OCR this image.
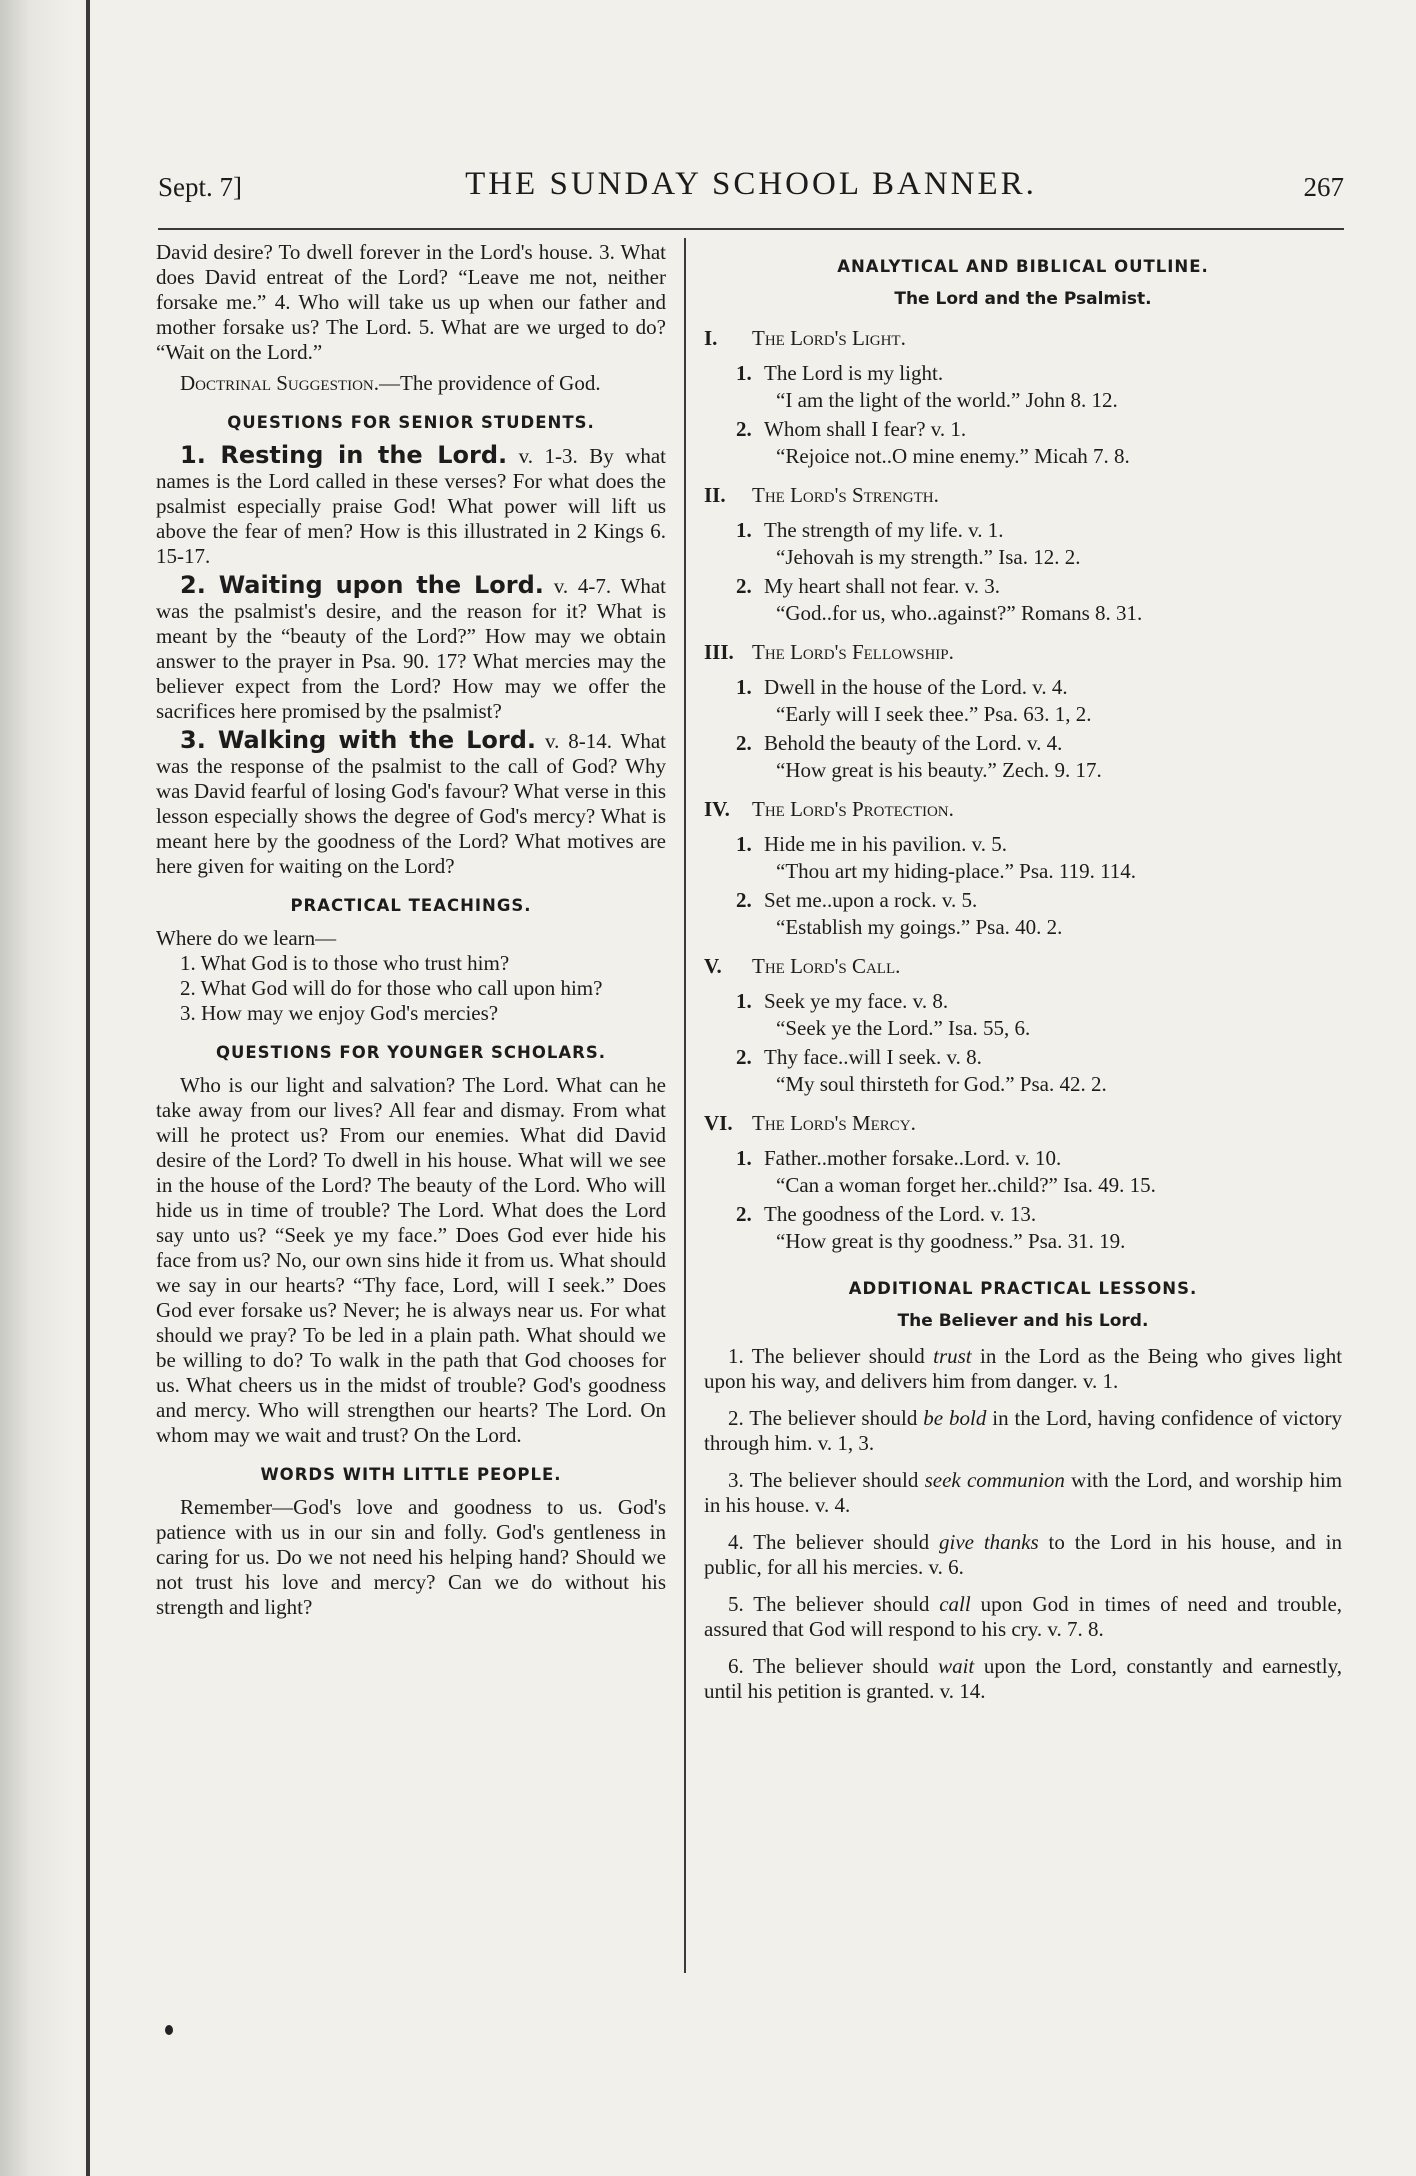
Sept. 7]	THE SUNDAY SCHOOL BANNER.	267

David desire? To dwell forever in the Lord's house. 3. What does David entreat of the Lord? “Leave me not, neither forsake me.” 4. Who will take us up when our father and mother forsake us? The Lord. 5. What are we urged to do? “Wait on the Lord.”

Doctrinal Suggestion.—The providence of God.

QUESTIONS FOR SENIOR STUDENTS.

1. Resting in the Lord. v. 1-3. By what names is the Lord called in these verses? For what does the psalmist especially praise God! What power will lift us above the fear of men? How is this illustrated in 2 Kings 6. 15-17.

2. Waiting upon the Lord. v. 4-7. What was the psalmist's desire, and the reason for it? What is meant by the “beauty of the Lord?” How may we obtain answer to the prayer in Psa. 90. 17? What mercies may the believer expect from the Lord? How may we offer the sacrifices here promised by the psalmist?

3. Walking with the Lord. v. 8-14. What was the response of the psalmist to the call of God? Why was David fearful of losing God's favour? What verse in this lesson especially shows the degree of God's mercy? What is meant here by the goodness of the Lord? What motives are here given for waiting on the Lord?

PRACTICAL TEACHINGS.

Where do we learn—

1. What God is to those who trust him?

2. What God will do for those who call upon him?

3. How may we enjoy God's mercies?

QUESTIONS FOR YOUNGER SCHOLARS.

Who is our light and salvation? The Lord. What can he take away from our lives? All fear and dismay. From what will he protect us? From our enemies. What did David desire of the Lord? To dwell in his house. What will we see in the house of the Lord? The beauty of the Lord. Who will hide us in time of trouble? The Lord. What does the Lord say unto us? “Seek ye my face.” Does God ever hide his face from us? No, our own sins hide it from us. What should we say in our hearts? “Thy face, Lord, will I seek.” Does God ever forsake us? Never; he is always near us. For what should we pray? To be led in a plain path. What should we be willing to do? To walk in the path that God chooses for us. What cheers us in the midst of trouble? God's goodness and mercy. Who will strengthen our hearts? The Lord. On whom may we wait and trust? On the Lord.

WORDS WITH LITTLE PEOPLE.

Remember—God's love and goodness to us. God's patience with us in our sin and folly. God's gentleness in caring for us. Do we not need his helping hand? Should we not trust his love and mercy? Can we do without his strength and light?

ANALYTICAL AND BIBLICAL OUTLINE.
The Lord and the Psalmist.
I. The Lord's Light.
1. The Lord is my light.
“I am the light of the world.” John 8. 12.
2. Whom shall I fear? v. 1.
“Rejoice not..O mine enemy.” Micah 7. 8.
II. The Lord's Strength.
1. The strength of my life. v. 1.
“Jehovah is my strength.” Isa. 12. 2.
2. My heart shall not fear. v. 3.
“God..for us, who..against?” Romans 8. 31.
III. The Lord's Fellowship.
1. Dwell in the house of the Lord. v. 4.
“Early will I seek thee.” Psa. 63. 1, 2.
2. Behold the beauty of the Lord. v. 4.
“How great is his beauty.” Zech. 9. 17.
IV. The Lord's Protection.
1. Hide me in his pavilion. v. 5.
“Thou art my hiding-place.” Psa. 119. 114.
2. Set me..upon a rock. v. 5.
“Establish my goings.” Psa. 40. 2.
V. The Lord's Call.
1. Seek ye my face. v. 8.
“Seek ye the Lord.” Isa. 55, 6.
2. Thy face..will I seek. v. 8.
“My soul thirsteth for God.” Psa. 42. 2.
VI. The Lord's Mercy.
1. Father..mother forsake..Lord. v. 10.
“Can a woman forget her..child?” Isa. 49. 15.
2. The goodness of the Lord. v. 13.
“How great is thy goodness.” Psa. 31. 19.
ADDITIONAL PRACTICAL LESSONS.
The Believer and his Lord.

1. The believer should trust in the Lord as the Being who gives light upon his way, and delivers him from danger. v. 1.

2. The believer should be bold in the Lord, having confidence of victory through him. v. 1, 3.

3. The believer should seek communion with the Lord, and worship him in his house. v. 4.

4. The believer should give thanks to the Lord in his house, and in public, for all his mercies. v. 6.

5. The believer should call upon God in times of need and trouble, assured that God will respond to his cry. v. 7. 8.

6. The believer should wait upon the Lord, constantly and earnestly, until his petition is granted. v. 14.
